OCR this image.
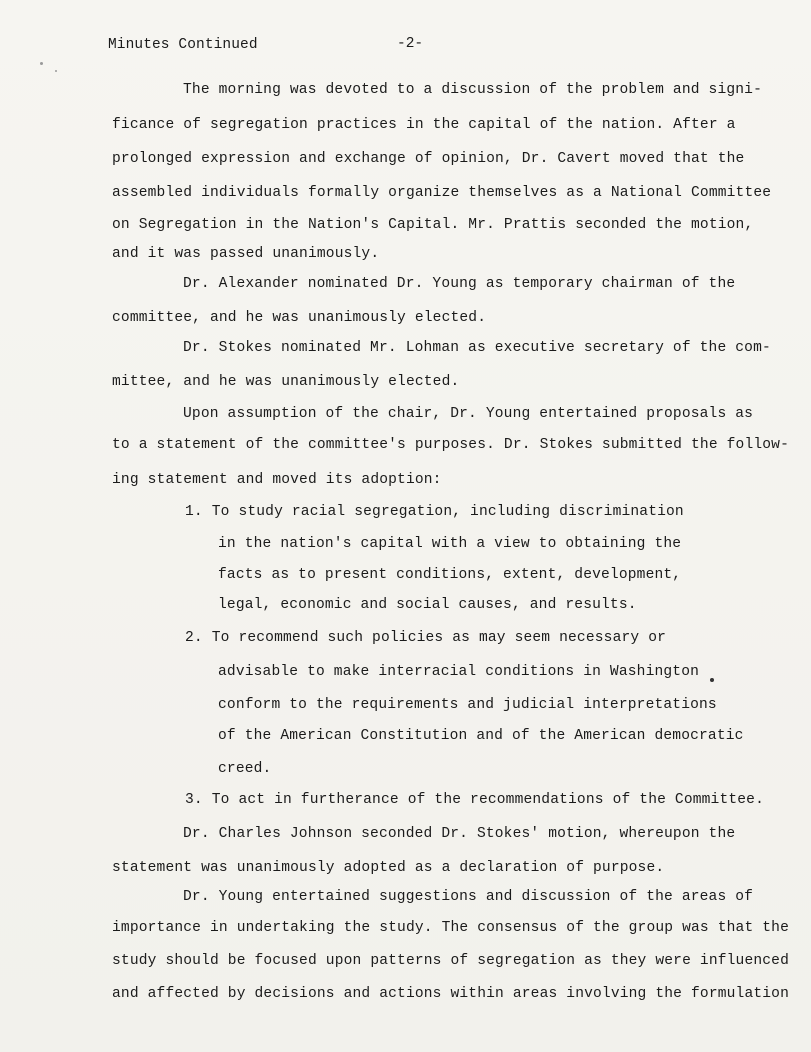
Minutes Continued	-2-
The morning was devoted to a discussion of the problem and signi-
ficance of segregation practices in the capital of the nation. After a
prolonged expression and exchange of opinion, Dr. Cavert moved that the
assembled individuals formally organize themselves as a National Committee
on Segregation in the Nation's Capital. Mr. Prattis seconded the motion,
and it was passed unanimously.
Dr. Alexander nominated Dr. Young as temporary chairman of the
committee, and he was unanimously elected.
Dr. Stokes nominated Mr. Lohman as executive secretary of the com-
mittee, and he was unanimously elected.
Upon assumption of the chair, Dr. Young entertained proposals as
to a statement of the committee's purposes. Dr. Stokes submitted the follow-
ing statement and moved its adoption:
1. To study racial segregation, including discrimination
in the nation's capital with a view to obtaining the
facts as to present conditions, extent, development,
legal, economic and social causes, and results.
2. To recommend such policies as may seem necessary or
advisable to make interracial conditions in Washington
conform to the requirements and judicial interpretations
of the American Constitution and of the American democratic
creed.
3. To act in furtherance of the recommendations of the Committee.
Dr. Charles Johnson seconded Dr. Stokes' motion, whereupon the
statement was unanimously adopted as a declaration of purpose.
Dr. Young entertained suggestions and discussion of the areas of
importance in undertaking the study. The consensus of the group was that the
study should be focused upon patterns of segregation as they were influenced
and affected by decisions and actions within areas involving the formulation
